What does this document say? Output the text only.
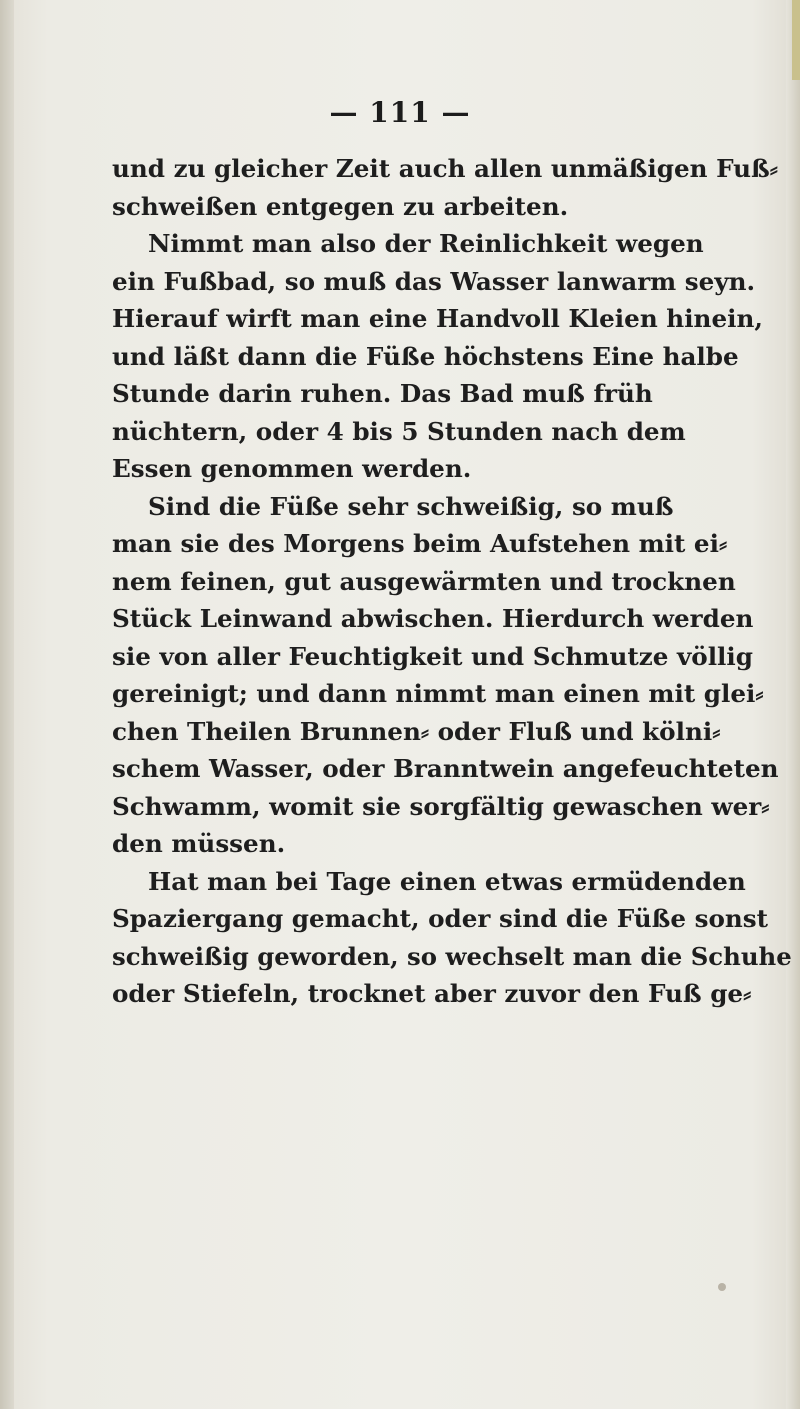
— 111 —
und zu gleicher Zeit auch allen unmäßigen Fuß⸗
schweißen entgegen zu arbeiten.
Nimmt man also der Reinlichkeit wegen
ein Fußbad, so muß das Wasser lanwarm seyn.
Hierauf wirft man eine Handvoll Kleien hinein,
und läßt dann die Füße höchstens Eine halbe
Stunde darin ruhen. Das Bad muß früh
nüchtern, oder 4 bis 5 Stunden nach dem
Essen genommen werden.
Sind die Füße sehr schweißig, so muß
man sie des Morgens beim Aufstehen mit ei⸗
nem feinen, gut ausgewärmten und trocknen
Stück Leinwand abwischen. Hierdurch werden
sie von aller Feuchtigkeit und Schmutze völlig
gereinigt; und dann nimmt man einen mit glei⸗
chen Theilen Brunnen⸗ oder Fluß und kölni⸗
schem Wasser, oder Branntwein angefeuchteten
Schwamm, womit sie sorgfältig gewaschen wer⸗
den müssen.
Hat man bei Tage einen etwas ermüdenden
Spaziergang gemacht, oder sind die Füße sonst
schweißig geworden, so wechselt man die Schuhe
oder Stiefeln, trocknet aber zuvor den Fuß ge⸗
